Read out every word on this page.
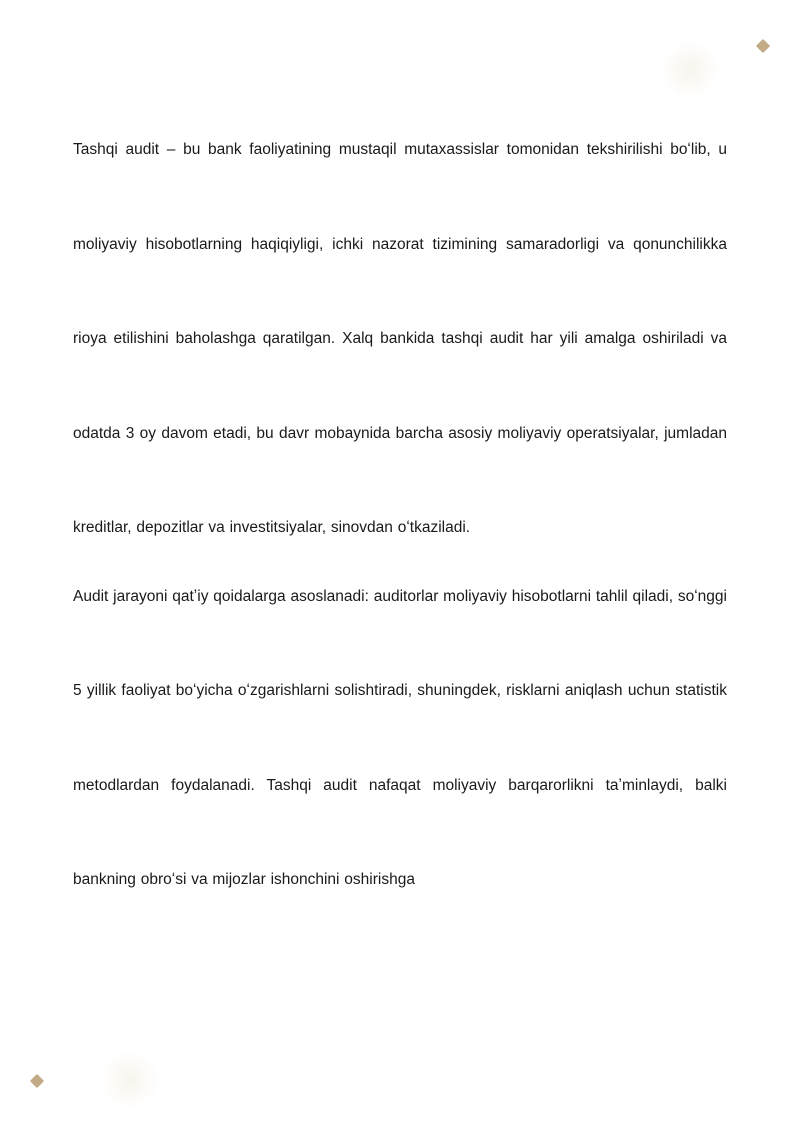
Tashqi audit – bu bank faoliyatining mustaqil mutaxassislar tomonidan tekshirilishi boʻlib, u moliyaviy hisobotlarning haqiqiyligi, ichki nazorat tizimining samaradorligi va qonunchilikka rioya etilishini baholashga qaratilgan. Xalq bankida tashqi audit har yili amalga oshiriladi va odatda 3 oy davom etadi, bu davr mobaynida barcha asosiy moliyaviy operatsiyalar, jumladan kreditlar, depozitlar va investitsiyalar, sinovdan oʻtkaziladi.

Audit jarayoni qatʼiy qoidalarga asoslanadi: auditorlar moliyaviy hisobotlarni tahlil qiladi, soʻnggi 5 yillik faoliyat boʻyicha oʻzgarishlarni solishtiradi, shuningdek, risklarni aniqlash uchun statistik metodlardan foydalanadi. Tashqi audit nafaqat moliyaviy barqarorlikni taʼminlaydi, balki bankning obroʻsi va mijozlar ishonchini oshirishga
